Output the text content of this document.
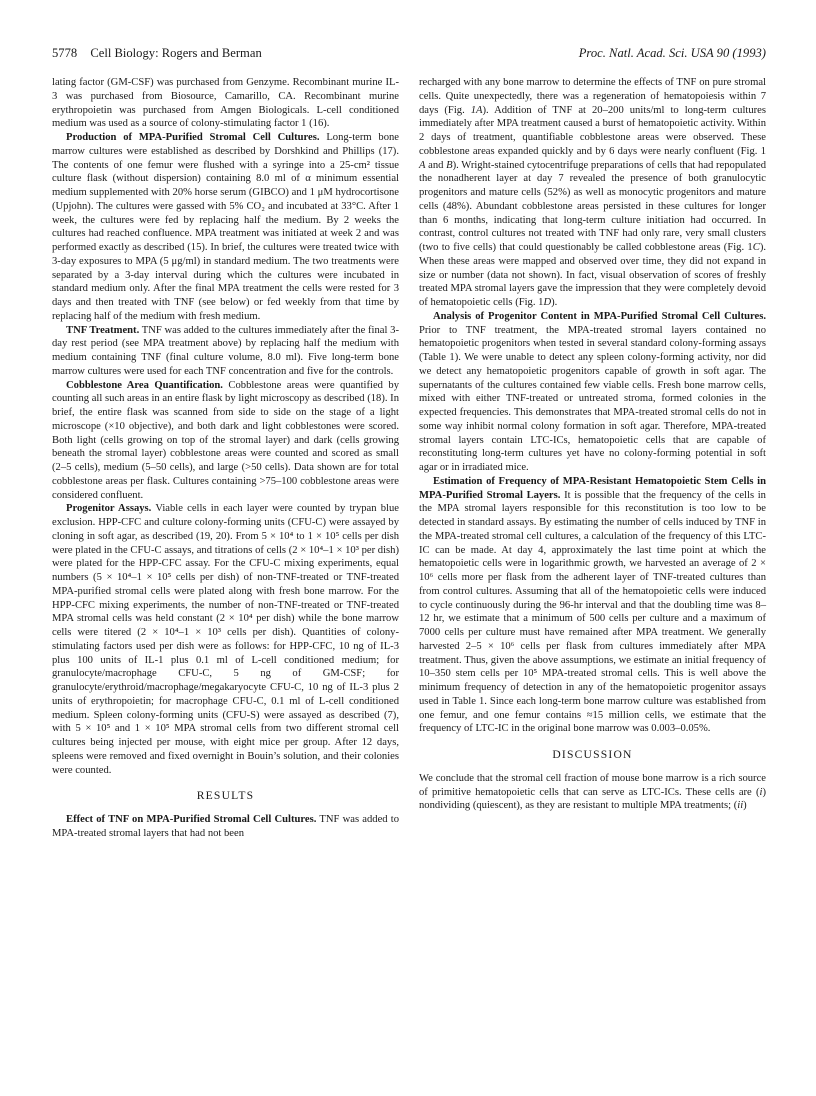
5778 Cell Biology: Rogers and Berman	Proc. Natl. Acad. Sci. USA 90 (1993)

lating factor (GM-CSF) was purchased from Genzyme. Recombinant murine IL-3 was purchased from Biosource, Camarillo, CA. Recombinant murine erythropoietin was purchased from Amgen Biologicals. L-cell conditioned medium was used as a source of colony-stimulating factor 1 (16).

Production of MPA-Purified Stromal Cell Cultures. Long-term bone marrow cultures were established as described by Dorshkind and Phillips (17). The contents of one femur were flushed with a syringe into a 25-cm² tissue culture flask (without dispersion) containing 8.0 ml of α minimum essential medium supplemented with 20% horse serum (GIBCO) and 1 μM hydrocortisone (Upjohn). The cultures were gassed with 5% CO₂ and incubated at 33°C. After 1 week, the cultures were fed by replacing half the medium. By 2 weeks the cultures had reached confluence. MPA treatment was initiated at week 2 and was performed exactly as described (15). In brief, the cultures were treated twice with 3-day exposures to MPA (5 μg/ml) in standard medium. The two treatments were separated by a 3-day interval during which the cultures were incubated in standard medium only. After the final MPA treatment the cells were rested for 3 days and then treated with TNF (see below) or fed weekly from that time by replacing half of the medium with fresh medium.

TNF Treatment. TNF was added to the cultures immediately after the final 3-day rest period (see MPA treatment above) by replacing half the medium with medium containing TNF (final culture volume, 8.0 ml). Five long-term bone marrow cultures were used for each TNF concentration and five for the controls.

Cobblestone Area Quantification. Cobblestone areas were quantified by counting all such areas in an entire flask by light microscopy as described (18). In brief, the entire flask was scanned from side to side on the stage of a light microscope (×10 objective), and both dark and light cobblestones were scored. Both light (cells growing on top of the stromal layer) and dark (cells growing beneath the stromal layer) cobblestone areas were counted and scored as small (2–5 cells), medium (5–50 cells), and large (>50 cells). Data shown are for total cobblestone areas per flask. Cultures containing >75–100 cobblestone areas were considered confluent.

Progenitor Assays. Viable cells in each layer were counted by trypan blue exclusion. HPP-CFC and culture colony-forming units (CFU-C) were assayed by cloning in soft agar, as described (19, 20). From 5 × 10⁴ to 1 × 10⁵ cells per dish were plated in the CFU-C assays, and titrations of cells (2 × 10⁴–1 × 10³ per dish) were plated for the HPP-CFC assay. For the CFU-C mixing experiments, equal numbers (5 × 10⁴–1 × 10⁵ cells per dish) of non-TNF-treated or TNF-treated MPA-purified stromal cells were plated along with fresh bone marrow. For the HPP-CFC mixing experiments, the number of non-TNF-treated or TNF-treated MPA stromal cells was held constant (2 × 10⁴ per dish) while the bone marrow cells were titered (2 × 10⁴–1 × 10³ cells per dish). Quantities of colony-stimulating factors used per dish were as follows: for HPP-CFC, 10 ng of IL-3 plus 100 units of IL-1 plus 0.1 ml of L-cell conditioned medium; for granulocyte/macrophage CFU-C, 5 ng of GM-CSF; for granulocyte/erythroid/macrophage/megakaryocyte CFU-C, 10 ng of IL-3 plus 2 units of erythropoietin; for macrophage CFU-C, 0.1 ml of L-cell conditioned medium. Spleen colony-forming units (CFU-S) were assayed as described (7), with 5 × 10⁵ and 1 × 10⁵ MPA stromal cells from two different stromal cell cultures being injected per mouse, with eight mice per group. After 12 days, spleens were removed and fixed overnight in Bouin’s solution, and their colonies were counted.

RESULTS

Effect of TNF on MPA-Purified Stromal Cell Cultures. TNF was added to MPA-treated stromal layers that had not been

recharged with any bone marrow to determine the effects of TNF on pure stromal cells. Quite unexpectedly, there was a regeneration of hematopoiesis within 7 days (Fig. 1A). Addition of TNF at 20–200 units/ml to long-term cultures immediately after MPA treatment caused a burst of hematopoietic activity. Within 2 days of treatment, quantifiable cobblestone areas were observed. These cobblestone areas expanded quickly and by 6 days were nearly confluent (Fig. 1 A and B). Wright-stained cytocentrifuge preparations of cells that had repopulated the nonadherent layer at day 7 revealed the presence of both granulocytic progenitors and mature cells (52%) as well as monocytic progenitors and mature cells (48%). Abundant cobblestone areas persisted in these cultures for longer than 6 months, indicating that long-term culture initiation had occurred. In contrast, control cultures not treated with TNF had only rare, very small clusters (two to five cells) that could questionably be called cobblestone areas (Fig. 1C). When these areas were mapped and observed over time, they did not expand in size or number (data not shown). In fact, visual observation of scores of freshly treated MPA stromal layers gave the impression that they were completely devoid of hematopoietic cells (Fig. 1D).

Analysis of Progenitor Content in MPA-Purified Stromal Cell Cultures. Prior to TNF treatment, the MPA-treated stromal layers contained no hematopoietic progenitors when tested in several standard colony-forming assays (Table 1). We were unable to detect any spleen colony-forming activity, nor did we detect any hematopoietic progenitors capable of growth in soft agar. The supernatants of the cultures contained few viable cells. Fresh bone marrow cells, mixed with either TNF-treated or untreated stroma, formed colonies in the expected frequencies. This demonstrates that MPA-treated stromal cells do not in some way inhibit normal colony formation in soft agar. Therefore, MPA-treated stromal layers contain LTC-ICs, hematopoietic cells that are capable of reconstituting long-term cultures yet have no colony-forming potential in soft agar or in irradiated mice.

Estimation of Frequency of MPA-Resistant Hematopoietic Stem Cells in MPA-Purified Stromal Layers. It is possible that the frequency of the cells in the MPA stromal layers responsible for this reconstitution is too low to be detected in standard assays. By estimating the number of cells induced by TNF in the MPA-treated stromal cell cultures, a calculation of the frequency of this LTC-IC can be made. At day 4, approximately the last time point at which the hematopoietic cells were in logarithmic growth, we harvested an average of 2 × 10⁶ cells more per flask from the adherent layer of TNF-treated cultures than from control cultures. Assuming that all of the hematopoietic cells were induced to cycle continuously during the 96-hr interval and that the doubling time was 8–12 hr, we estimate that a minimum of 500 cells per culture and a maximum of 7000 cells per culture must have remained after MPA treatment. We generally harvested 2–5 × 10⁶ cells per flask from cultures immediately after MPA treatment. Thus, given the above assumptions, we estimate an initial frequency of 10–350 stem cells per 10⁵ MPA-treated stromal cells. This is well above the minimum frequency of detection in any of the hematopoietic progenitor assays used in Table 1. Since each long-term bone marrow culture was established from one femur, and one femur contains ≈15 million cells, we estimate that the frequency of LTC-IC in the original bone marrow was 0.003–0.05%.

DISCUSSION

We conclude that the stromal cell fraction of mouse bone marrow is a rich source of primitive hematopoietic cells that can serve as LTC-ICs. These cells are (i) nondividing (quiescent), as they are resistant to multiple MPA treatments; (ii)
